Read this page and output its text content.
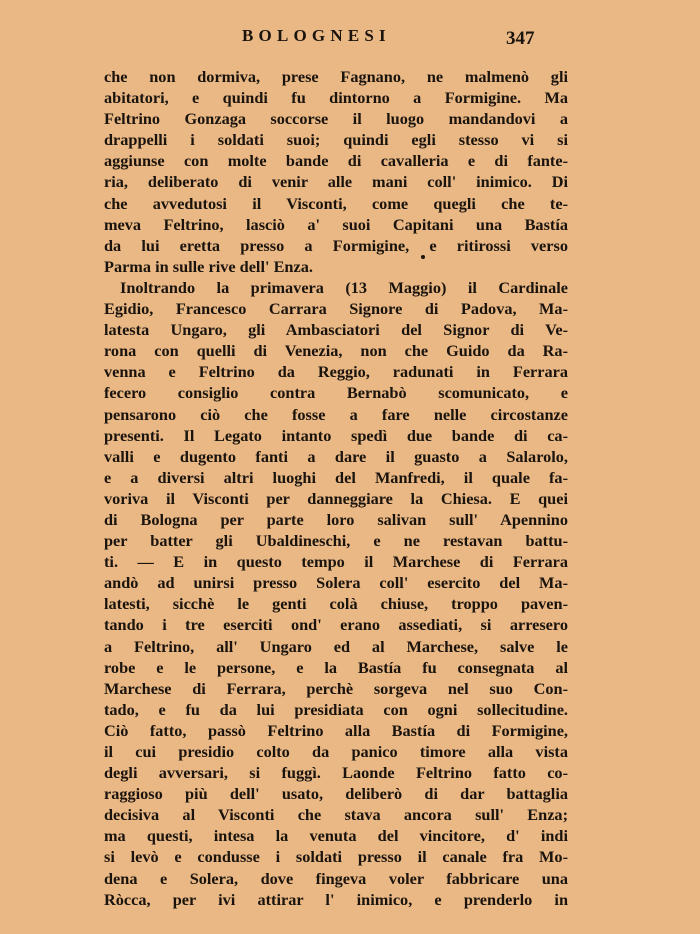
BOLOGNESI	347
che non dormiva, prese Fagnano, ne malmenò gli
abitatori, e quindi fu dintorno a Formigine. Ma
Feltrino Gonzaga soccorse il luogo mandandovi a
drappelli i soldati suoi; quindi egli stesso vi si
aggiunse con molte bande di cavalleria e di fante-
ria, deliberato di venir alle mani coll' inimico. Di
che avvedutosi il Visconti, come quegli che te-
meva Feltrino, lasciò a' suoi Capitani una Bastía
da lui eretta presso a Formigine, e ritirossi verso
Parma in sulle rive dell' Enza.
Inoltrando la primavera (13 Maggio) il Cardinale
Egidio, Francesco Carrara Signore di Padova, Ma-
latesta Ungaro, gli Ambasciatori del Signor di Ve-
rona con quelli di Venezia, non che Guido da Ra-
venna e Feltrino da Reggio, radunati in Ferrara
fecero consiglio contra Bernabò scomunicato, e
pensarono ciò che fosse a fare nelle circostanze
presenti. Il Legato intanto spedì due bande di ca-
valli e dugento fanti a dare il guasto a Salarolo,
e a diversi altri luoghi del Manfredi, il quale fa-
voriva il Visconti per danneggiare la Chiesa. E quei
di Bologna per parte loro salivan sull' Apennino
per batter gli Ubaldineschi, e ne restavan battu-
ti. — E in questo tempo il Marchese di Ferrara
andò ad unirsi presso Solera coll' esercito del Ma-
latesti, sicchè le genti colà chiuse, troppo paven-
tando i tre eserciti ond' erano assediati, si arresero
a Feltrino, all' Ungaro ed al Marchese, salve le
robe e le persone, e la Bastía fu consegnata al
Marchese di Ferrara, perchè sorgeva nel suo Con-
tado, e fu da lui presidiata con ogni sollecitudine.
Ciò fatto, passò Feltrino alla Bastía di Formigine,
il cui presidio colto da panico timore alla vista
degli avversari, si fuggì. Laonde Feltrino fatto co-
raggioso più dell' usato, deliberò di dar battaglia
decisiva al Visconti che stava ancora sull' Enza;
ma questi, intesa la venuta del vincitore, d' indi
si levò e condusse i soldati presso il canale fra Mo-
dena e Solera, dove fingeva voler fabbricare una
Ròcca, per ivi attirar l' inimico, e prenderlo in
